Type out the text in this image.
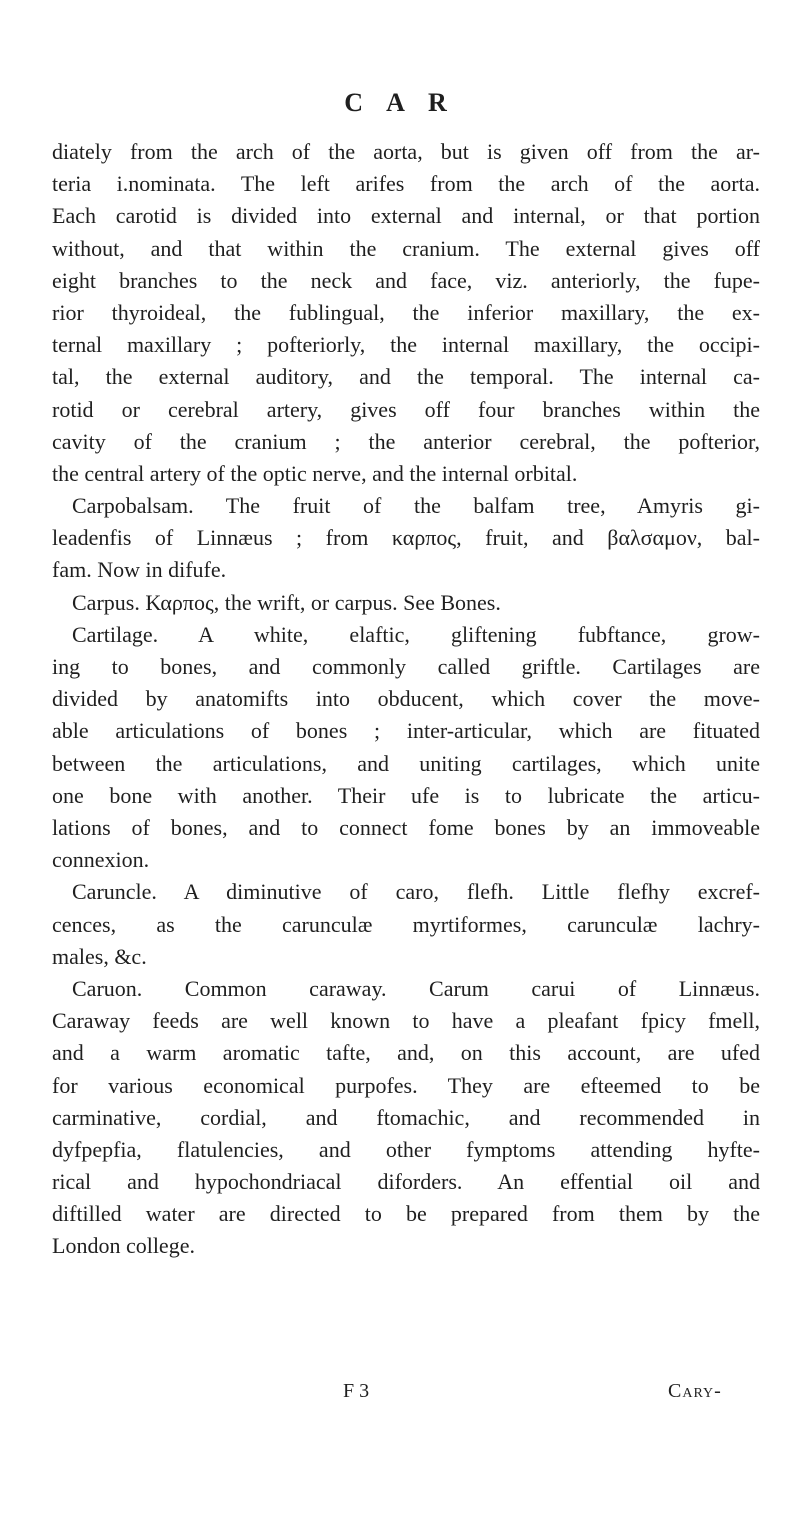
C A R
diately from the arch of the aorta, but is given off from the ar-
teria i.nominata. The left arifes from the arch of the aorta.
Each carotid is divided into external and internal, or that portion
without, and that within the cranium. The external gives off
eight branches to the neck and face, viz. anteriorly, the fupe-
rior thyroideal, the fublingual, the inferior maxillary, the ex-
ternal maxillary ; pofteriorly, the internal maxillary, the occipi-
tal, the external auditory, and the temporal. The internal ca-
rotid or cerebral artery, gives off four branches within the
cavity of the cranium ; the anterior cerebral, the pofterior,
the central artery of the optic nerve, and the internal orbital.
Carpobalsam. The fruit of the balfam tree, Amyris gi-
leadenfis of Linnæus ; from καρπος, fruit, and βαλσαμον, bal-
fam. Now in difufe.
Carpus. Καρπος, the wrift, or carpus. See Bones.
Cartilage. A white, elaftic, gliftening fubftance, grow-
ing to bones, and commonly called griftle. Cartilages are
divided by anatomifts into obducent, which cover the move-
able articulations of bones ; inter-articular, which are fituated
between the articulations, and uniting cartilages, which unite
one bone with another. Their ufe is to lubricate the articu-
lations of bones, and to connect fome bones by an immoveable
connexion.
Caruncle. A diminutive of caro, flefh. Little flefhy excref-
cences, as the carunculæ myrtiformes, carunculæ lachry-
males, &c.
Caruon. Common caraway. Carum carui of Linnæus.
Caraway feeds are well known to have a pleafant fpicy fmell,
and a warm aromatic tafte, and, on this account, are ufed
for various economical purpofes. They are efteemed to be
carminative, cordial, and ftomachic, and recommended in
dyfpepfia, flatulencies, and other fymptoms attending hyfte-
rical and hypochondriacal diforders. An effential oil and
diftilled water are directed to be prepared from them by the
London college.
F 3	Cary-
